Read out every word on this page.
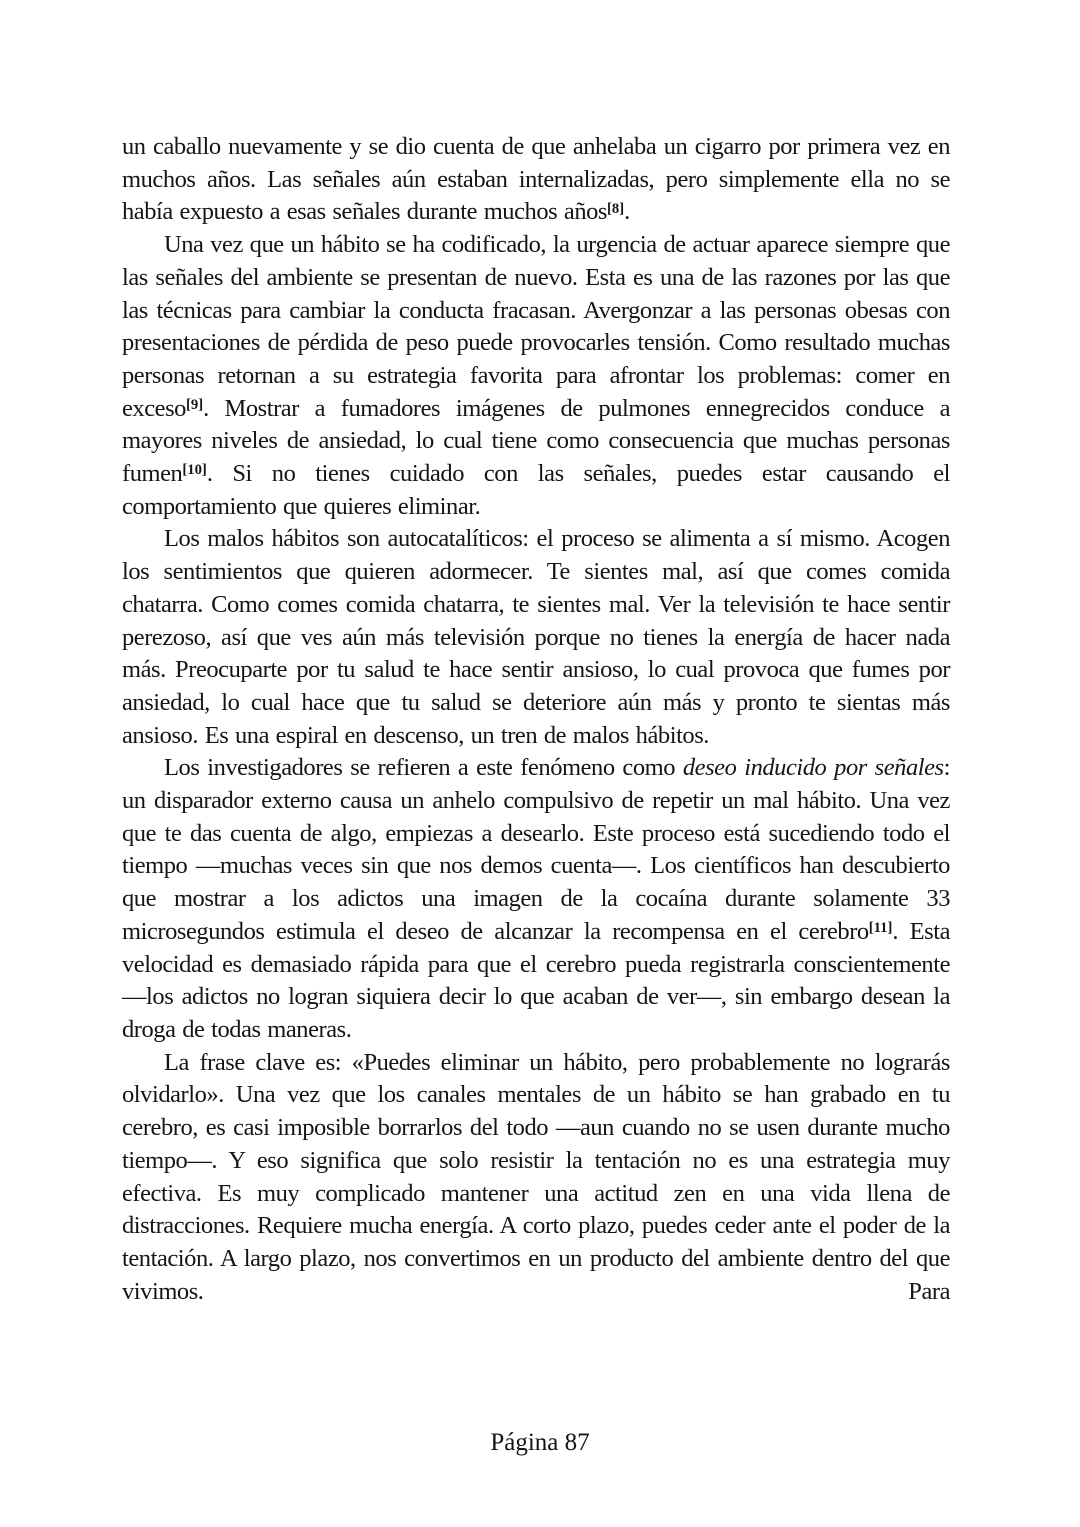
un caballo nuevamente y se dio cuenta de que anhelaba un cigarro por primera vez en muchos años. Las señales aún estaban internalizadas, pero simplemente ella no se había expuesto a esas señales durante muchos años[8].

Una vez que un hábito se ha codificado, la urgencia de actuar aparece siempre que las señales del ambiente se presentan de nuevo. Esta es una de las razones por las que las técnicas para cambiar la conducta fracasan. Avergonzar a las personas obesas con presentaciones de pérdida de peso puede provocarles tensión. Como resultado muchas personas retornan a su estrategia favorita para afrontar los problemas: comer en exceso[9]. Mostrar a fumadores imágenes de pulmones ennegrecidos conduce a mayores niveles de ansiedad, lo cual tiene como consecuencia que muchas personas fumen[10]. Si no tienes cuidado con las señales, puedes estar causando el comportamiento que quieres eliminar.

Los malos hábitos son autocatalíticos: el proceso se alimenta a sí mismo. Acogen los sentimientos que quieren adormecer. Te sientes mal, así que comes comida chatarra. Como comes comida chatarra, te sientes mal. Ver la televisión te hace sentir perezoso, así que ves aún más televisión porque no tienes la energía de hacer nada más. Preocuparte por tu salud te hace sentir ansioso, lo cual provoca que fumes por ansiedad, lo cual hace que tu salud se deteriore aún más y pronto te sientas más ansioso. Es una espiral en descenso, un tren de malos hábitos.

Los investigadores se refieren a este fenómeno como deseo inducido por señales: un disparador externo causa un anhelo compulsivo de repetir un mal hábito. Una vez que te das cuenta de algo, empiezas a desearlo. Este proceso está sucediendo todo el tiempo —muchas veces sin que nos demos cuenta—. Los científicos han descubierto que mostrar a los adictos una imagen de la cocaína durante solamente 33 microsegundos estimula el deseo de alcanzar la recompensa en el cerebro[11]. Esta velocidad es demasiado rápida para que el cerebro pueda registrarla conscientemente —los adictos no logran siquiera decir lo que acaban de ver—, sin embargo desean la droga de todas maneras.

La frase clave es: «Puedes eliminar un hábito, pero probablemente no lograrás olvidarlo». Una vez que los canales mentales de un hábito se han grabado en tu cerebro, es casi imposible borrarlos del todo —aun cuando no se usen durante mucho tiempo—. Y eso significa que solo resistir la tentación no es una estrategia muy efectiva. Es muy complicado mantener una actitud zen en una vida llena de distracciones. Requiere mucha energía. A corto plazo, puedes ceder ante el poder de la tentación. A largo plazo, nos convertimos en un producto del ambiente dentro del que vivimos. Para

Página 87
